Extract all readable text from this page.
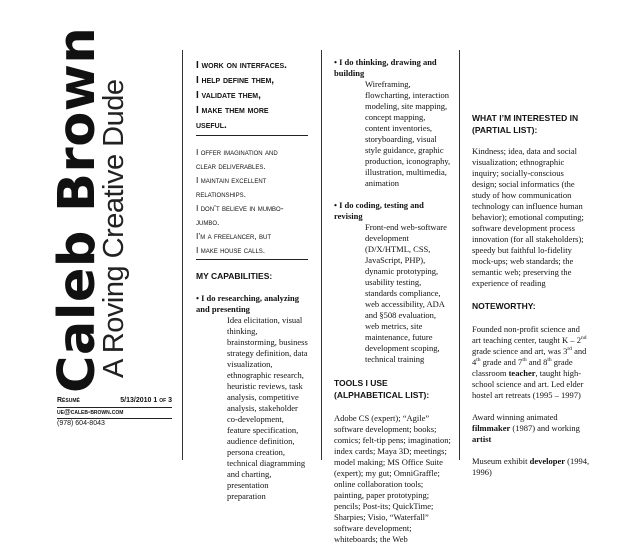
Caleb Brown
A Roving Creative Dude
Résumé	5/13/2010 1 of 3
ue@caleb-brown.com
(978) 604-8043
I work on interfaces.
I help define them,
I validate them,
I make them more
useful.
I offer imagination and
clear deliverables.
I maintain excellent
relationships.
I don’t believe in mumbo-
jumbo.
I’m a freelancer, but
I make house calls.
MY CAPABILITIES:
• I do researching, analyzing and presenting
Idea elicitation, visual thinking, brainstorming, business strategy definition, data visualization, ethnographic research, heuristic reviews, task analysis, competitive analysis, stakeholder co-development, feature specification, audience definition, persona creation, technical diagramming and charting, presentation preparation
• I do thinking, drawing and building
Wireframing, flowcharting, interaction modeling, site mapping, concept mapping, content inventories, storyboarding, visual style guidance, graphic production, iconography, illustration, multimedia, animation
• I do coding, testing and revising
Front-end web-software development (D/X/HTML, CSS, JavaScript, PHP), dynamic prototyping, usability testing, standards compliance, web accessibility, ADA and §508 evaluation, web metrics, site maintenance, future development scoping, technical training
TOOLS I USE (ALPHABETICAL LIST):
Adobe CS (expert); “Agile” software development; books; comics; felt-tip pens; imagination; index cards; Maya 3D; meetings; model making; MS Office Suite (expert); my gut; OmniGraffle; online collaboration tools; painting, paper prototyping; pencils; Post-its; QuickTime; Sharpies; Visio, “Waterfall” software development; whiteboards; the Web
WHAT I’M INTERESTED IN (PARTIAL LIST):
Kindness; idea, data and social visualization; ethnographic inquiry; socially-conscious design; social informatics (the study of how communication technology can influence human behavior); emotional computing; software development process innovation (for all stakeholders); speedy but faithful lo-fidelity mock-ups; web standards; the semantic web; preserving the experience of reading
NOTEWORTHY:
Founded non-profit science and art teaching center, taught K – 2nd grade science and art, was 3rd and 4th grade and 7th and 8th grade classroom teacher, taught high-school science and art. Led elder hostel art retreats (1995 – 1997)
Award winning animated filmmaker (1987) and working artist
Museum exhibit developer (1994, 1996)
